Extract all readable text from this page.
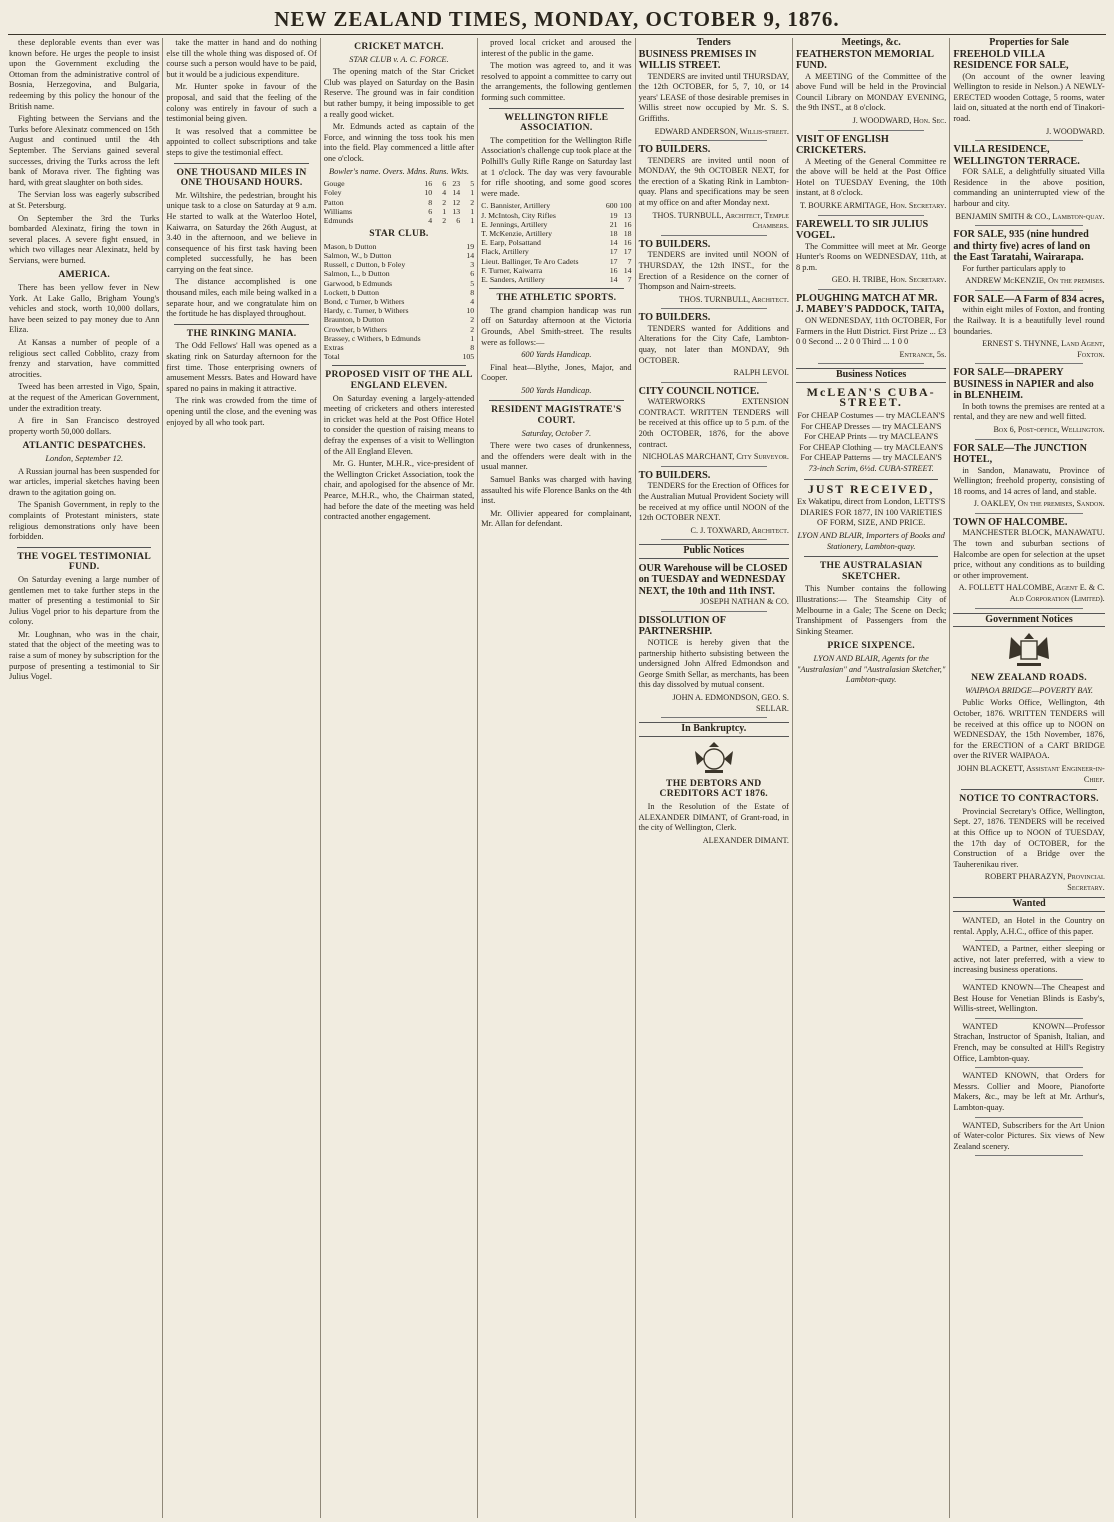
NEW ZEALAND TIMES, MONDAY, OCTOBER 9, 1876.

these deplorable events than ever was known before. He urges the people to insist upon the Government excluding the Ottoman from the administrative control of Bosnia, Herzegovina, and Bulgaria, redeeming by this policy the honour of the British name.

Fighting between the Servians and the Turks before Alexinatz commenced on 15th August and continued until the 4th September. The Servians gained several successes, driving the Turks across the left bank of Morava river. The fighting was hard, with great slaughter on both sides.

The Servian loss was eagerly subscribed at St. Petersburg.

On September the 3rd the Turks bombarded Alexinatz, firing the town in several places. A severe fight ensued, in which two villages near Alexinatz, held by Servians, were burned.

AMERICA.

There has been yellow fever in New York. At Lake Gallo, Brigham Young's vehicles and stock, worth 10,000 dollars, have been seized to pay money due to Ann Eliza.

At Kansas a number of people of a religious sect called Cobblito, crazy from frenzy and starvation, have committed atrocities.

Tweed has been arrested in Vigo, Spain, at the request of the American Government, under the extradition treaty.

A fire in San Francisco destroyed property worth 50,000 dollars.

ATLANTIC DESPATCHES.
London, September 12.

A Russian journal has been suspended for war articles, imperial sketches having been drawn to the agitation going on.

The Spanish Government, in reply to the complaints of Protestant ministers, state religious demonstrations only have been forbidden.

THE VOGEL TESTIMONIAL FUND.

On Saturday evening a large number of gentlemen met to take further steps in the matter of presenting a testimonial to Sir Julius Vogel prior to his departure from the colony.

Mr. Loughnan, who was in the chair, stated that the object of the meeting was to raise a sum of money by subscription for the purpose of presenting a testimonial to Sir Julius Vogel.

take the matter in hand and do nothing else till the whole thing was disposed of. Of course such a person would have to be paid, but it would be a judicious expenditure.

Mr. Hunter spoke in favour of the proposal, and said that the feeling of the colony was entirely in favour of such a testimonial being given.

It was resolved that a committee be appointed to collect subscriptions and take steps to give the testimonial effect.

ONE THOUSAND MILES IN ONE THOUSAND HOURS.

Mr. Wiltshire, the pedestrian, brought his unique task to a close on Saturday at 9 a.m. He started to walk at the Waterloo Hotel, Kaiwarra, on Saturday the 26th August, at 3.40 in the afternoon, and we believe in consequence of his first task having been completed successfully, he has been carrying on the feat since.

The distance accomplished is one thousand miles, each mile being walked in a separate hour, and we congratulate him on the fortitude he has displayed throughout.

THE RINKING MANIA.

The Odd Fellows' Hall was opened as a skating rink on Saturday afternoon for the first time. Those enterprising owners of amusement Messrs. Bates and Howard have spared no pains in making it attractive.

The rink was crowded from the time of opening until the close, and the evening was enjoyed by all who took part.

CRICKET MATCH.
STAR CLUB v. A. C. FORCE.

The opening match of the Star Cricket Club was played on Saturday on the Basin Reserve. The ground was in fair condition but rather bumpy, it being impossible to get a really good wicket.

Mr. Edmunds acted as captain of the Force, and winning the toss took his men into the field. Play commenced a little after one o'clock.

Bowler's name. Overs. Mdns. Runs. Wkts.
Gouge	16	6	23	5
Foley	10	4	14	1
Patton	8	2	12	2
Williams	6	1	13	1
Edmunds	4	2	6	1
STAR CLUB.
Mason, b Dutton	19
Salmon, W., b Dutton	14
Russell, c Dutton, b Foley	3
Salmon, L., b Dutton	6
Garwood, b Edmunds	5
Lockett, b Dutton	8
Bond, c Turner, b Withers	4
Hardy, c. Turner, b Withers	10
Braunton, b Dutton	2
Crowther, b Withers	2
Brassey, c Withers, b Edmunds	1
Extras	8
Total	105
PROPOSED VISIT OF THE ALL ENGLAND ELEVEN.

On Saturday evening a largely-attended meeting of cricketers and others interested in cricket was held at the Post Office Hotel to consider the question of raising means to defray the expenses of a visit to Wellington of the All England Eleven.

Mr. G. Hunter, M.H.R., vice-president of the Wellington Cricket Association, took the chair, and apologised for the absence of Mr. Pearce, M.H.R., who, the Chairman stated, had before the date of the meeting was held contracted another engagement.

proved local cricket and aroused the interest of the public in the game.

The motion was agreed to, and it was resolved to appoint a committee to carry out the arrangements, the following gentlemen forming such committee.

WELLINGTON RIFLE ASSOCIATION.

The competition for the Wellington Rifle Association's challenge cup took place at the Polhill's Gully Rifle Range on Saturday last at 1 o'clock. The day was very favourable for rifle shooting, and some good scores were made.

C. Bannister, Artillery	600	100
J. McIntosh, City Rifles	19	13
E. Jennings, Artillery	21	16
T. McKenzie, Artillery	18	18
E. Earp, Polsattand	14	16
Flack, Artillery	17	17
Lieut. Ballinger, Te Aro Cadets	17	7
F. Turner, Kaiwarra	16	14
E. Sanders, Artillery	14	7
THE ATHLETIC SPORTS.

The grand champion handicap was run off on Saturday afternoon at the Victoria Grounds, Abel Smith-street. The results were as follows:—

600 Yards Handicap.

Final heat—Blythe, Jones, Major, and Cooper.

500 Yards Handicap.
RESIDENT MAGISTRATE'S COURT.
Saturday, October 7.

There were two cases of drunkenness, and the offenders were dealt with in the usual manner.

Samuel Banks was charged with having assaulted his wife Florence Banks on the 4th inst.

Mr. Ollivier appeared for complainant, Mr. Allan for defendant.

Tenders
BUSINESS PREMISES IN WILLIS STREET.

TENDERS are invited until THURSDAY, the 12th OCTOBER, for 5, 7, 10, or 14 years' LEASE of those desirable premises in Willis street now occupied by Mr. S. S. Griffiths.

EDWARD ANDERSON, Willis-street.
TO BUILDERS.

TENDERS are invited until noon of MONDAY, the 9th OCTOBER NEXT, for the erection of a Skating Rink in Lambton-quay. Plans and specifications may be seen at my office on and after Monday next.

THOS. TURNBULL, Architect, Temple Chambers.
TO BUILDERS.

TENDERS are invited until NOON of THURSDAY, the 12th INST., for the Erection of a Residence on the corner of Thompson and Nairn-streets.

THOS. TURNBULL, Architect.
TO BUILDERS.

TENDERS wanted for Additions and Alterations for the City Cafe, Lambton-quay, not later than MONDAY, 9th OCTOBER.

RALPH LEVOI.
CITY COUNCIL NOTICE.

WATERWORKS EXTENSION CONTRACT. WRITTEN TENDERS will be received at this office up to 5 p.m. of the 20th OCTOBER, 1876, for the above contract.

NICHOLAS MARCHANT, City Surveyor.
TO BUILDERS.

TENDERS for the Erection of Offices for the Australian Mutual Provident Society will be received at my office until NOON of the 12th OCTOBER NEXT.

C. J. TOXWARD, Architect.
Public Notices
OUR Warehouse will be CLOSED on TUESDAY and WEDNESDAY NEXT, the 10th and 11th INST.
JOSEPH NATHAN & CO.
DISSOLUTION OF PARTNERSHIP.

NOTICE is hereby given that the partnership hitherto subsisting between the undersigned John Alfred Edmondson and George Smith Sellar, as merchants, has been this day dissolved by mutual consent.

JOHN A. EDMONDSON, GEO. S. SELLAR.
In Bankruptcy.
THE DEBTORS AND CREDITORS ACT 1876.

In the Resolution of the Estate of ALEXANDER DIMANT, of Grant-road, in the city of Wellington, Clerk.

ALEXANDER DIMANT.
Meetings, &c.
FEATHERSTON MEMORIAL FUND.

A MEETING of the Committee of the above Fund will be held in the Provincial Council Library on MONDAY EVENING, the 9th INST., at 8 o'clock.

J. WOODWARD, Hon. Sec.
VISIT OF ENGLISH CRICKETERS.

A Meeting of the General Committee re the above will be held at the Post Office Hotel on TUESDAY Evening, the 10th instant, at 8 o'clock.

T. BOURKE ARMITAGE, Hon. Secretary.
FAREWELL TO SIR JULIUS VOGEL.

The Committee will meet at Mr. George Hunter's Rooms on WEDNESDAY, 11th, at 8 p.m.

GEO. H. TRIBE, Hon. Secretary.
PLOUGHING MATCH AT MR. J. MABEY'S PADDOCK, TAITA,

ON WEDNESDAY, 11th OCTOBER, For Farmers in the Hutt District. First Prize ... £3 0 0 Second ... 2 0 0 Third ... 1 0 0

Entrance, 5s.
Business Notices
McLEAN'S CUBA-STREET.
For CHEAP Costumes — try MACLEAN'S
For CHEAP Dresses — try MACLEAN'S
For CHEAP Prints — try MACLEAN'S
For CHEAP Clothing — try MACLEAN'S
For CHEAP Patterns — try MACLEAN'S
73-inch Scrim, 6½d. CUBA-STREET.
JUST RECEIVED,

Ex Wakatipu, direct from London, LETTS'S DIARIES FOR 1877, IN 100 VARIETIES OF FORM, SIZE, AND PRICE.

LYON AND BLAIR, Importers of Books and Stationery, Lambton-quay.
THE AUSTRALASIAN SKETCHER.

This Number contains the following Illustrations:— The Steamship City of Melbourne in a Gale; The Scene on Deck; Transhipment of Passengers from the Sinking Steamer.

PRICE SIXPENCE.
LYON AND BLAIR, Agents for the "Australasian" and "Australasian Sketcher," Lambton-quay.
Properties for Sale
FREEHOLD VILLA RESIDENCE FOR SALE,

(On account of the owner leaving Wellington to reside in Nelson.) A NEWLY-ERECTED wooden Cottage, 5 rooms, water laid on, situated at the north end of Tinakori-road.

J. WOODWARD.
VILLA RESIDENCE, WELLINGTON TERRACE.

FOR SALE, a delightfully situated Villa Residence in the above position, commanding an uninterrupted view of the harbour and city.

BENJAMIN SMITH & CO., Lambton-quay.
FOR SALE, 935 (nine hundred and thirty five) acres of land on the East Taratahi, Wairarapa.

For further particulars apply to

ANDREW McKENZIE, On the premises.
FOR SALE—A Farm of 834 acres,

within eight miles of Foxton, and fronting the Railway. It is a beautifully level round boundaries.

ERNEST S. THYNNE, Land Agent, Foxton.
FOR SALE—DRAPERY BUSINESS in NAPIER and also in BLENHEIM.

In both towns the premises are rented at a rental, and they are new and well fitted.

Box 6, Post-office, Wellington.
FOR SALE—The JUNCTION HOTEL,

in Sandon, Manawatu, Province of Wellington; freehold property, consisting of 18 rooms, and 14 acres of land, and stable.

J. OAKLEY, On the premises, Sandon.
TOWN OF HALCOMBE.

MANCHESTER BLOCK, MANAWATU. The town and suburban sections of Halcombe are open for selection at the upset price, without any conditions as to building or other improvement.

A. FOLLETT HALCOMBE, Agent E. & C. Ald Corporation (Limited).
Government Notices
NEW ZEALAND ROADS.
WAIPAOA BRIDGE—POVERTY BAY.

Public Works Office, Wellington, 4th October, 1876. WRITTEN TENDERS will be received at this office up to NOON on WEDNESDAY, the 15th November, 1876, for the ERECTION of a CART BRIDGE over the RIVER WAIPAOA.

JOHN BLACKETT, Assistant Engineer-in-Chief.
NOTICE TO CONTRACTORS.

Provincial Secretary's Office, Wellington, Sept. 27, 1876. TENDERS will be received at this Office up to NOON of TUESDAY, the 17th day of OCTOBER, for the Construction of a Bridge over the Tauherenikau river.

ROBERT PHARAZYN, Provincial Secretary.
Wanted

WANTED, an Hotel in the Country on rental. Apply, A.H.C., office of this paper.

WANTED, a Partner, either sleeping or active, not later preferred, with a view to increasing business operations.

WANTED KNOWN—The Cheapest and Best House for Venetian Blinds is Easby's, Willis-street, Wellington.

WANTED KNOWN—Professor Strachan, Instructor of Spanish, Italian, and French, may be consulted at Hill's Registry Office, Lambton-quay.

WANTED KNOWN, that Orders for Messrs. Collier and Moore, Pianoforte Makers, &c., may be left at Mr. Arthur's, Lambton-quay.

WANTED, Subscribers for the Art Union of Water-color Pictures. Six views of New Zealand scenery.
